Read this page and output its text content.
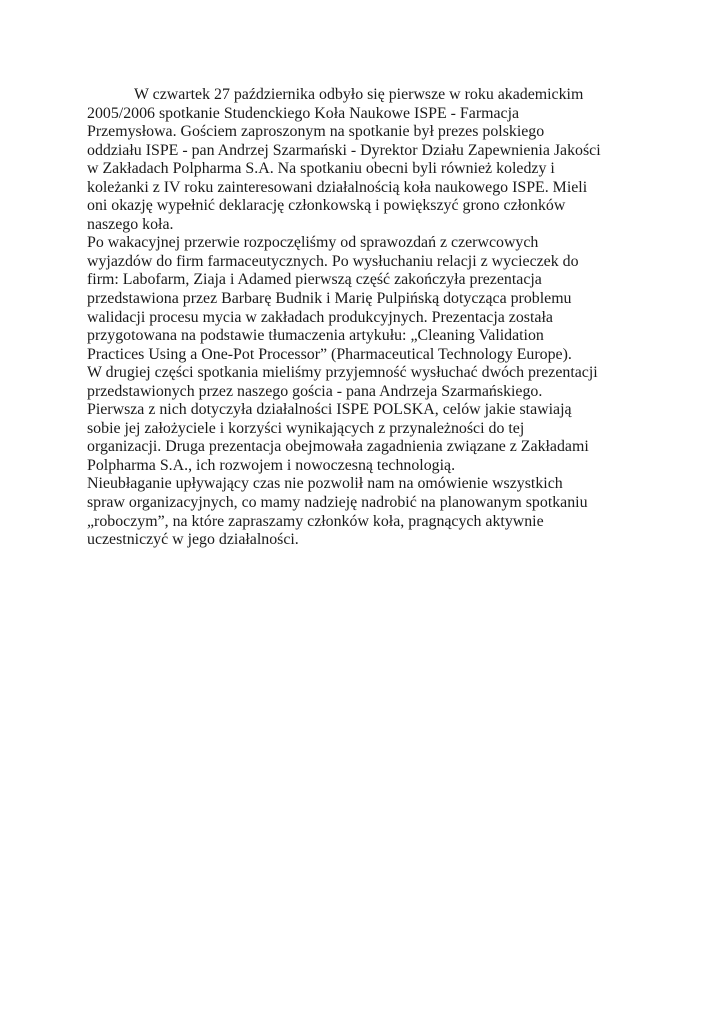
W czwartek 27 października odbyło się pierwsze w roku akademickim
2005/2006 spotkanie Studenckiego Koła Naukowe ISPE - Farmacja
Przemysłowa. Gościem zaproszonym na spotkanie był prezes polskiego
oddziału ISPE - pan Andrzej Szarmański - Dyrektor Działu Zapewnienia Jakości
w Zakładach Polpharma S.A. Na spotkaniu obecni byli również koledzy i
koleżanki z IV roku zainteresowani działalnością koła naukowego ISPE. Mieli
oni okazję wypełnić deklarację członkowską i powiększyć grono członków
naszego koła.
Po wakacyjnej przerwie rozpoczęliśmy od sprawozdań z czerwcowych
wyjazdów do firm farmaceutycznych. Po wysłuchaniu relacji z wycieczek do
firm: Labofarm, Ziaja i Adamed pierwszą część zakończyła prezentacja
przedstawiona przez Barbarę Budnik i Marię Pulpińską dotycząca problemu
walidacji procesu mycia w zakładach produkcyjnych. Prezentacja została
przygotowana na podstawie tłumaczenia artykułu: „Cleaning Validation
Practices Using a One-Pot Processor” (Pharmaceutical Technology Europe).
W drugiej części spotkania mieliśmy przyjemność wysłuchać dwóch prezentacji
przedstawionych przez naszego gościa - pana Andrzeja Szarmańskiego.
Pierwsza z nich dotyczyła działalności ISPE POLSKA, celów jakie stawiają
sobie jej założyciele i korzyści wynikających z przynależności do tej
organizacji. Druga prezentacja obejmowała zagadnienia związane z Zakładami
Polpharma S.A., ich rozwojem i nowoczesną technologią.
Nieubłaganie upływający czas nie pozwolił nam na omówienie wszystkich
spraw organizacyjnych, co mamy nadzieję nadrobić na planowanym spotkaniu
„roboczym”, na które zapraszamy członków koła, pragnących aktywnie
uczestniczyć w jego działalności.
